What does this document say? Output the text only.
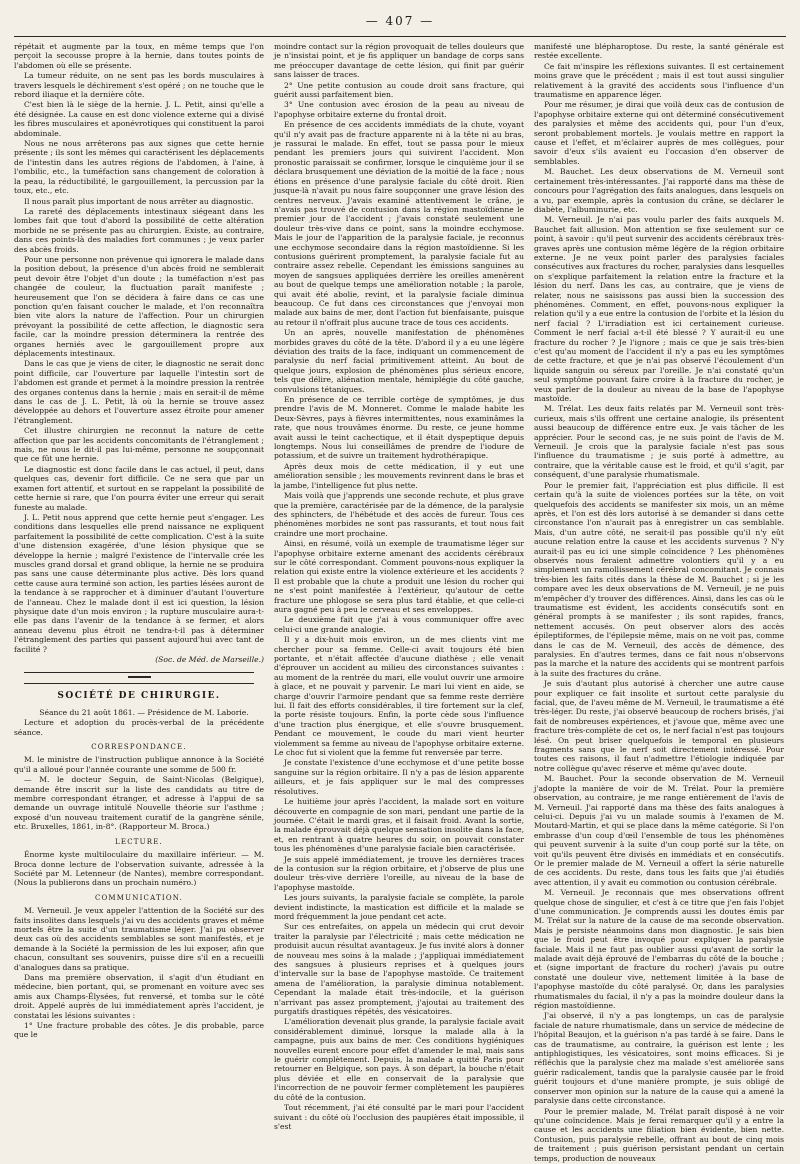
— 407 —

répétait et augmente par la toux, en même temps que l'on perçoit la secousse propre à la hernie, dans toutes points de l'abdomen où elle se présente.

La tumeur réduite, on ne sent pas les bords musculaires à travers lesquels le déchirement s'est opéré ; on ne touche que le rebord iliaque et la dernière côte.

C'est bien là le siège de la hernie. J. L. Petit, ainsi qu'elle a été désignée. La cause en est donc violence externe qui a divisé les fibres musculaires et aponévrotiques qui constituent la paroi abdominale.

Nous ne nous arrêterons pas aux signes que cette hernie présente ; ils sont les mêmes qui caractérisent les déplacements de l'intestin dans les autres régions de l'abdomen, à l'aine, à l'ombilic, etc., la tuméfaction sans changement de coloration à la peau, la réductibilité, le gargouillement, la percussion par la toux, etc., etc.

Il nous paraît plus important de nous arrêter au diagnostic.

La rareté des déplacements intestinaux siégeant dans les lombes fait que tout d'abord la possibilité de cette altération morbide ne se présente pas au chirurgien. Existe, au contraire, dans ces points-là des maladies fort communes ; je veux parler des abcès froids.

Pour une personne non prévenue qui ignorera le malade dans la position debout, la présence d'un abcès froid ne semblerait peut devoir être l'objet d'un doute ; la tuméfaction n'est pas changée de couleur, la fluctuation paraît manifeste ; heureusement que l'on se décidera à faire dans ce cas une ponction qu'en faisant coucher le malade, et l'on reconnaîtra bien vite alors la nature de l'affection. Pour un chirurgien prévoyant la possibilité de cette affection, le diagnostic sera facile, car la moindre pression déterminera la rentrée des organes herniés avec le gargouillement propre aux déplacements intestinaux.

Dans le cas que je viens de citer, le diagnostic ne serait donc point difficile, car l'ouverture par laquelle l'intestin sort de l'abdomen est grande et permet à la moindre pression la rentrée des organes contenus dans la hernie ; mais en serait-il de même dans le cas de J. L. Petit, là où la hernie se trouve assez développée au dehors et l'ouverture assez étroite pour amener l'étranglement.

Cet illustre chirurgien ne reconnut la nature de cette affection que par les accidents concomitants de l'étranglement ; mais, ne nous le dit-il pas lui-même, personne ne soupçonnait que ce fût une hernie.

Le diagnostic est donc facile dans le cas actuel, il peut, dans quelques cas, devenir fort difficile. Ce ne sera que par un examen fort attentif, et surtout en se rappelant la possibilité de cette hernie si rare, que l'on pourra éviter une erreur qui serait funeste au malade.

J. L. Petit nous apprend que cette hernie peut s'engager. Les conditions dans lesquelles elle prend naissance ne expliquent parfaitement la possibilité de cette complication. C'est à la suite d'une distension exagérée, d'une lésion physique que se développe la hernie ; malgré l'existence de l'intervalle crée les muscles grand dorsal et grand oblique, la hernie ne se produira pas sans une cause déterminante plus active. Dès lors quand cette cause aura terminé son action, les parties lésées auront de la tendance à se rapprocher et à diminuer d'autant l'ouverture de l'anneau. Chez le malade dont il est ici question, la lésion physique date d'un mois environ ; la rupture musculaire aura-t-elle pas dans l'avenir de la tendance à se fermer, et alors anneau devenu plus étroit ne tendra-t-il pas à déterminer l'étranglement des parties qui passent aujourd'hui avec tant de facilité ?

(Soc. de Méd. de Marseille.)

SOCIÉTÉ DE CHIRURGIE.

Séance du 21 août 1861. — Présidence de M. Laborie.

Lecture et adoption du procès-verbal de la précédente séance.

CORRESPONDANCE.

M. le ministre de l'instruction publique annonce à la Société qu'il a alloué pour l'année courante une somme de 500 fr.

— M. le docteur Seguin, de Saint-Nicolas (Belgique), demande être inscrit sur la liste des candidats au titre de membre correspondant étranger, et adresse à l'appui de sa demande un ouvrage intitulé Nouvelle théorie sur l'asthme ; exposé d'un nouveau traitement curatif de la gangrène sénile, etc. Bruxelles, 1861, in-8°. (Rapporteur M. Broca.)

LECTURE.

Énorme kyste multiloculaire du maxillaire inférieur. — M. Broca donne lecture de l'observation suivante, adressée à la Société par M. Letenneur (de Nantes), membre correspondant. (Nous la publierons dans un prochain numéro.)

COMMUNICATION.

M. Verneuil. Je veux appeler l'attention de la Société sur des faits insolites dans lesquels j'ai vu des accidents graves et même mortels être la suite d'un traumatisme léger. J'ai pu observer deux cas où des accidents semblables se sont manifestés, et je demande à la Société la permission de les lui exposer, afin que chacun, consultant ses souvenirs, puisse dire s'il en a recueilli d'analogues dans sa pratique.

Dans ma première observation, il s'agit d'un étudiant en médecine, bien portant, qui, se promenant en voiture avec ses amis aux Champs-Élysées, fut renversé, et tomba sur le côté droit. Appelé auprès de lui immédiatement après l'accident, je constatai les lésions suivantes :

1° Une fracture probable des côtes. Je dis probable, parce que le

moindre contact sur la région provoquait de telles douleurs que je n'insistai point, et je fis appliquer un bandage de corps sans me préoccuper davantage de cette lésion, qui finit par guérir sans laisser de traces.

2° Une petite contusion au coude droit sans fracture, qui guérit aussi parfaitement bien.

3° Une contusion avec érosion de la peau au niveau de l'apophyse orbitaire externe du frontal droit.

En présence de ces accidents immédiats de la chute, voyant qu'il n'y avait pas de fracture apparente ni à la tête ni au bras, je rassurai le malade. En effet, tout se passa pour le mieux pendant les premiers jours qui suivirent l'accident. Mon pronostic paraissait se confirmer, lorsque le cinquième jour il se déclara brusquement une déviation de la moitié de la face ; nous étions en présence d'une paralysie faciale du côté droit. Rien jusque-là n'avait pu nous faire soupçonner une grave lésion des centres nerveux. J'avais examiné attentivement le crâne, je n'avais pas trouvé de contusion dans la région mastoïdienne le premier jour de l'accident ; j'avais constaté seulement une douleur très-vive dans ce point, sans la moindre ecchymose. Mais le jour de l'apparition de la paralysie faciale, je reconnus une ecchymose secondaire dans la région mastoïdienne. Si les contusions guérirent promptement, la paralysie faciale fut au contraire assez rebelle. Cependant les émissions sanguines au moyen de sangsues appliquées derrière les oreilles amenèrent au bout de quelque temps une amélioration notable ; la parole, qui avait été abolie, revint, et la paralysie faciale diminua beaucoup. Ce fut dans ces circonstances que j'envoyai mon malade aux bains de mer, dont l'action fut bienfaisante, puisque au retour il n'offrait plus aucune trace de tous ces accidents.

Un an après, nouvelle manifestation de phénomènes morbides graves du côté de la tête. D'abord il y a eu une légère déviation des traits de la face, indiquant un commencement de paralysie du nerf facial primitivement atteint. Au bout de quelque jours, explosion de phénomènes plus sérieux encore, tels que délire, aliénation mentale, hémiplégie du côté gauche, convulsions tétaniques.

En présence de ce terrible cortège de symptômes, je dus prendre l'avis de M. Monneret. Comme le malade habite les Deux-Sèvres, pays à fièvres intermittentes, nous examinâmes la rate, que nous trouvâmes énorme. Du reste, ce jeune homme avait aussi le teint cachectique, et il était dyspeptique depuis longtemps. Nous lui conseillâmes de prendre de l'iodure de potassium, et de suivre un traitement hydrothérapique.

Après deux mois de cette médication, il y eut une amélioration sensible ; les mouvements revinrent dans le bras et la jambe, l'intelligence fut plus nette.

Mais voilà que j'apprends une seconde rechute, et plus grave que la première, caractérisée par de la démence, de la paralysie des sphincters, de l'hébétude et des accès de fureur. Tous ces phénomènes morbides ne sont pas rassurants, et tout nous fait craindre une mort prochaine.

Ainsi, en résumé, voilà un exemple de traumatisme léger sur l'apophyse orbitaire externe amenant des accidents cérébraux sur le côté correspondant. Comment pouvons-nous expliquer la relation qui existe entre la violence extérieure et les accidents ? Il est probable que la chute a produit une lésion du rocher qui ne s'est point manifestée à l'extérieur, qu'autour de cette fracture une phlogose se sera plus tard établie, et que celle-ci aura gagné peu à peu le cerveau et ses enveloppes.

Le deuxième fait que j'ai à vous communiquer offre avec celui-ci une grande analogie.

Il y a dix-huit mois environ, un de mes clients vint me chercher pour sa femme. Celle-ci avait toujours été bien portante, et n'était affectée d'aucune diathèse ; elle venait d'éprouver un accident au milieu des circonstances suivantes : au moment de la rentrée du mari, elle voulut ouvrir une armoire à glace, et ne pouvait y parvenir. Le mari lui vient en aide, se charge d'ouvrir l'armoire pendant que sa femme reste derrière lui. Il fait des efforts considérables, il tire fortement sur la clef, la porte résiste toujours. Enfin, la porte cède sous l'influence d'une traction plus énergique, et elle s'ouvre brusquement. Pendant ce mouvement, le coude du mari vient heurter violemment sa femme au niveau de l'apophyse orbitaire externe. Le choc fut si violent que la femme fut renversée par terre.

Je constate l'existence d'une ecchymose et d'une petite bosse sanguine sur la région orbitaire. Il n'y a pas de lésion apparente ailleurs, et je fais appliquer sur le mal des compresses résolutives.

Le huitième jour après l'accident, la malade sort en voiture découverte en compagnie de son mari, pendant une partie de la journée. C'était le mardi gras, et il faisait froid. Avant la sortie, la malade éprouvait déjà quelque sensation insolite dans la face, et, en rentrant à quatre heures du soir, on pouvait constater tous les phénomènes d'une paralysie faciale bien caractérisée.

Je suis appelé immédiatement, je trouve les dernières traces de la contusion sur la région orbitaire, et j'observe de plus une douleur très-vive derrière l'oreille, au niveau de la base de l'apophyse mastoïde.

Les jours suivants, la paralysie faciale se complète, la parole devient indistincte, la mastication est difficile et la malade se mord fréquemment la joue pendant cet acte.

Sur ces entrefaites, on appela un médecin qui crut devoir traiter la paralysie par l'électricité ; mais cette médication ne produisit aucun résultat avantageux. Je fus invité alors à donner de nouveau mes soins à la malade ; j'appliquai immédiatement des sangsues à plusieurs reprises et à quelques jours d'intervalle sur la base de l'apophyse mastoïde. Ce traitement amena de l'amélioration, la paralysie diminua notablement. Cependant la malade était très-indocile, et la guérison n'arrivant pas assez promptement, j'ajoutai au traitement des purgatifs drastiques répétés, des vésicatoires.

L'amélioration devenait plus grande, la paralysie faciale avait considérablement diminué, lorsque la malade alla à la campagne, puis aux bains de mer. Ces conditions hygiéniques nouvelles eurent encore pour effet d'amender le mal, mais sans le guérir complètement. Depuis, la malade a quitté Paris pour retourner en Belgique, son pays. À son départ, la bouche n'était plus déviée et elle en conservait de la paralysie que l'incorrection de ne pouvoir fermer complètement les paupières du côté de la contusion.

Tout récemment, j'ai été consulté par le mari pour l'accident suivant : du côté où l'occlusion des paupières était impossible, il s'est

manifesté une blépharoptose. Du reste, la santé générale est restée excellente.

Ce fait m'inspire les réflexions suivantes. Il est certainement moins grave que le précédent ; mais il est tout aussi singulier relativement à la gravité des accidents sous l'influence d'un traumatisme en apparence léger.

Pour me résumer, je dirai que voilà deux cas de contusion de l'apophyse orbitaire externe qui ont déterminé consécutivement des paralysies et même des accidents qui, pour l'un d'eux, seront probablement mortels. Je voulais mettre en rapport la cause et l'effet, et m'éclairer auprès de mes collègues, pour savoir d'eux s'ils avaient eu l'occasion d'en observer de semblables.

M. Bauchet. Les deux observations de M. Verneuil sont certainement très-intéressantes. J'ai rapporté dans ma thèse de concours pour l'agrégation des faits analogues, dans lesquels on a vu, par exemple, après la contusion du crâne, se déclarer le diabète, l'albuminurie, etc.

M. Verneuil. Je n'ai pas voulu parler des faits auxquels M. Bauchet fait allusion. Mon attention se fixe seulement sur ce point, à savoir : qu'il peut survenir des accidents cérébraux très-graves après une contusion même légère de la région orbitaire externe. Je ne veux point parler des paralysies faciales consécutives aux fractures du rocher, paralysies dans lesquelles on s'explique parfaitement la relation entre la fracture et la lésion du nerf. Dans les cas, au contraire, que je viens de relater, nous ne saisissons pas aussi bien la succession des phénomènes. Comment, en effet, pouvons-nous expliquer la relation qu'il y a eue entre la contusion de l'orbite et la lésion du nerf facial ? L'irradiation est ici certainement curieuse. Comment le nerf facial a-t-il été blessé ? Y aurait-il eu une fracture du rocher ? Je l'ignore ; mais ce que je sais très-bien c'est qu'au moment de l'accident il n'y a pas eu les symptômes de cette fracture, et que je n'ai pas observé l'écoulement d'un liquide sanguin ou séreux par l'oreille. Je n'ai constaté qu'un seul symptôme pouvant faire croire à la fracture du rocher, je veux parler de la douleur au niveau de la base de l'apophyse mastoïde.

M. Trélat. Les deux faits relatés par M. Verneuil sont très-curieux, mais s'ils offrent une certaine analogie, ils présentent aussi beaucoup de différence entre eux. Je vais tâcher de les apprécier. Pour le second cas, je ne suis point de l'avis de M. Verneuil. Je crois que la paralysie faciale n'est pas sous l'influence du traumatisme ; je suis porté à admettre, au contraire, que la véritable cause est le froid, et qu'il s'agit, par conséquent, d'une paralysie rhumatismale.

Pour le premier fait, l'appréciation est plus difficile. Il est certain qu'à la suite de violences portées sur la tête, on voit quelquefois des accidents se manifester six mois, un an même après, et l'on est dès lors autorisé à se demander si dans cette circonstance l'on n'aurait pas à enregistrer un cas semblable. Mais, d'un autre côté, ne serait-il pas possible qu'il n'y eût aucune relation entre la cause et les accidents survenus ? N'y aurait-il pas eu ici une simple coïncidence ? Les phénomènes observés nous feraient admettre volontiers qu'il y a eu simplement un ramollissement cérébral concomitant. Je connais très-bien les faits cités dans la thèse de M. Bauchet ; si je les compare avec les deux observations de M. Verneuil, je ne puis m'empêcher d'y trouver des différences. Ainsi, dans les cas où le traumatisme est évident, les accidents consécutifs sont en général prompts à se manifester ; ils sont rapides, francs, nettement accusés. On peut observer alors des accès épileptiformes, de l'épilepsie même, mais on ne voit pas, comme dans le cas de M. Verneuil, des accès de démence, des paralysies. En d'autres termes, dans ce fait nous n'observons pas la marche et la nature des accidents qui se montrent parfois à la suite des fractures du crâne.

Je suis d'autant plus autorisé à chercher une autre cause pour expliquer ce fait insolite et surtout cette paralysie du facial, que, de l'aveu même de M. Verneuil, le traumatisme a été très-léger. Du reste, j'ai observé beaucoup de rochers brisés, j'ai fait de nombreuses expériences, et j'avoue que, même avec une fracture très-complète de cet os, le nerf facial n'est pas toujours lésé. On peut briser quelquefois le temporal en plusieurs fragments sans que le nerf soit directement intéressé. Pour toutes ces raisons, il faut n'admettre l'étiologie indiquée par notre collègue qu'avec réserve et même qu'avec doute.

M. Bauchet. Pour la seconde observation de M. Verneuil j'adopte la manière de voir de M. Trélat. Pour la première observation, au contraire, je me range entièrement de l'avis de M. Verneuil. J'ai rapporté dans ma thèse des faits analogues à celui-ci. Depuis j'ai vu un malade soumis à l'examen de M. Moutard-Martin, et qui se place dans la même catégorie. Si l'on embrasse d'un coup d'œil l'ensemble de tous les phénomènes qui peuvent survenir à la suite d'un coup porté sur la tête, on voit qu'ils peuvent être divisés en immédiats et en consécutifs. Or le premier malade de M. Verneuil a offert la série naturelle de ces accidents. Du reste, dans tous les faits que j'ai étudiés avec attention, il y avait eu commotion ou contusion cérébrale.

M. Verneuil. Je reconnais que mes observations offrent quelque chose de singulier, et c'est à ce titre que j'en fais l'objet d'une communication. Je comprends aussi les doutes émis par M. Trélat sur la nature de la cause de ma seconde observation. Mais je persiste néanmoins dans mon diagnostic. Je sais bien que le froid peut être invoqué pour expliquer la paralysie faciale. Mais il ne faut pas oublier aussi qu'avant de sortir la malade avait déjà éprouvé de l'embarras du côté de la bouche ; et (signe important de fracture du rocher) j'avais pu outre constaté une douleur vive, nettement limitée à la base de l'apophyse mastoïde du côté paralysé. Or, dans les paralysies rhumatismales du facial, il n'y a pas la moindre douleur dans la région mastoïdienne.

J'ai observé, il n'y a pas longtemps, un cas de paralysie faciale de nature rhumatismale, dans un service de médecine de l'hôpital Beaujon, et la guérison n'a pas tardé à se faire. Dans le cas de traumatisme, au contraire, la guérison est lente ; les antiphlogistiques, les vésicatoires, sont moins efficaces. Si je réfléchis que la paralysie chez ma malade s'est améliorée sans guérir radicalement, tandis que la paralysie causée par le froid guérit toujours et d'une manière prompte, je suis obligé de conserver mon opinion sur la nature de la cause qui a amené la paralysie dans cette circonstance.

Pour le premier malade, M. Trélat paraît disposé à ne voir qu'une coïncidence. Mais je ferai remarquer qu'il y a entre la cause et les accidents une filiation bien évidente, bien nette. Contusion, puis paralysie rebelle, offrant au bout de cinq mois de traitement ; puis guérison persistant pendant un certain temps, production de nouveaux
